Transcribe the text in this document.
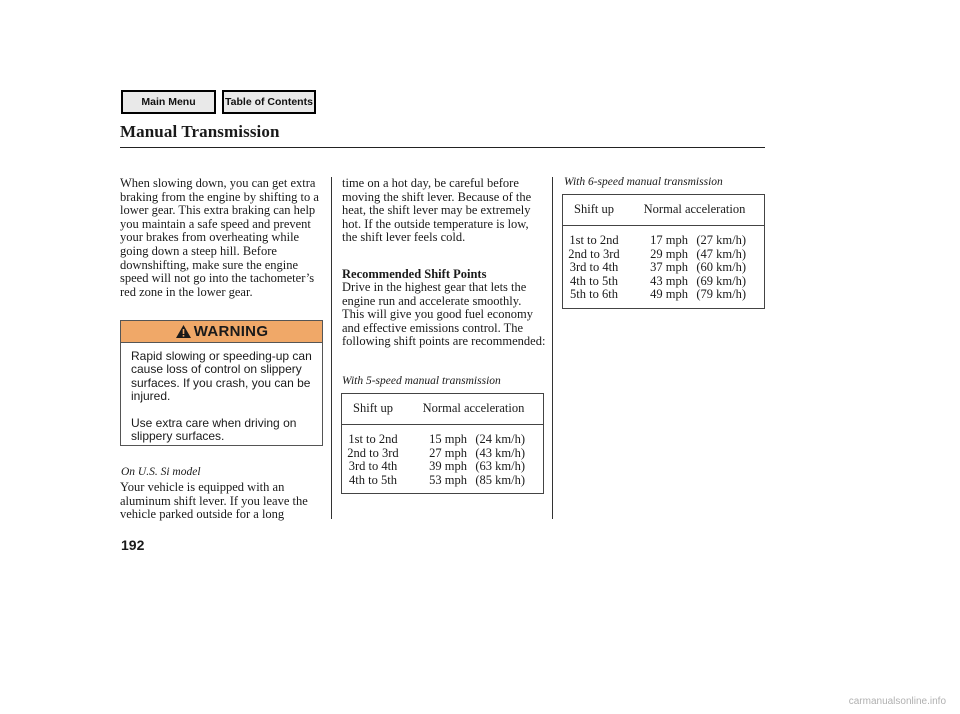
Main Menu	Table of Contents
Manual Transmission

When slowing down, you can get extra braking from the engine by shifting to a lower gear. This extra braking can help you maintain a safe speed and prevent your brakes from overheating while going down a steep hill. Before downshifting, make sure the engine speed will not go into the tachometer’s red zone in the lower gear.

WARNING

Rapid slowing or speeding-up can cause loss of control on slippery surfaces. If you crash, you can be injured.

Use extra care when driving on slippery surfaces.

On U.S. Si model

Your vehicle is equipped with an aluminum shift lever. If you leave the vehicle parked outside for a long

time on a hot day, be careful before moving the shift lever. Because of the heat, the shift lever may be extremely hot. If the outside temperature is low, the shift lever feels cold.

Recommended Shift Points

Drive in the highest gear that lets the engine run and accelerate smoothly. This will give you good fuel economy and effective emissions control. The following shift points are recommended:

With 5-speed manual transmission

Shift up	Normal acceleration
1st to 2nd	15 mph (24 km/h)
2nd to 3rd	27 mph (43 km/h)
3rd to 4th	39 mph (63 km/h)
4th to 5th	53 mph (85 km/h)

With 6-speed manual transmission

Shift up	Normal acceleration
1st to 2nd	17 mph (27 km/h)
2nd to 3rd	29 mph (47 km/h)
3rd to 4th	37 mph (60 km/h)
4th to 5th	43 mph (69 km/h)
5th to 6th	49 mph (79 km/h)

192

carmanualsonline.info
